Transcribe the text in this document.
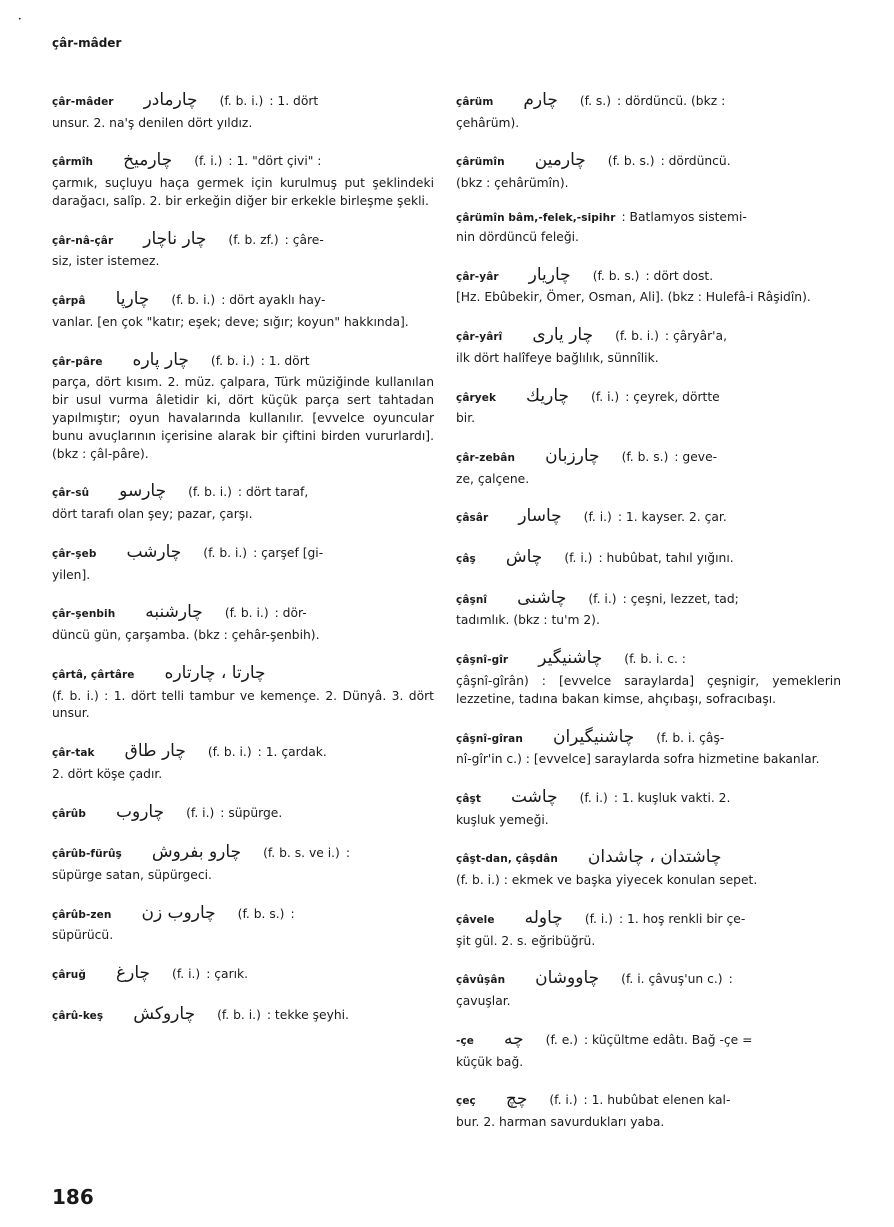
•
çâr-mâder
çâr-mâder چارمادر (f. b. i.) : 1. dört
unsur. 2. na'ş denilen dört yıldız.
çârmîh چارمیخ (f. i.) : 1. "dört çivi" :
çarmık, suçluyu haça germek için kurulmuş put şeklindeki darağacı, salîp. 2. bir erkeğin diğer bir erkekle birleşme şekli.
çâr-nâ-çâr چار ناچار (f. b. zf.) : çâre-
siz, ister istemez.
çârpâ چارپا (f. b. i.) : dört ayaklı hay-
vanlar. [en çok "katır; eşek; deve; sığır; koyun" hakkında].
çâr-pâre چار پاره (f. b. i.) : 1. dört
parça, dört kısım. 2. müz. çalpara, Türk müziğinde kullanılan bir usul vurma âletidir ki, dört küçük parça sert tahtadan yapılmıştır; oyun havalarında kullanılır. [evvelce oyuncular bunu avuçlarının içerisine alarak bir çiftini birden vururlardı]. (bkz : çâl-pâre).
çâr-sû چارسو (f. b. i.) : dört taraf,
dört tarafı olan şey; pazar, çarşı.
çâr-şeb چارشب (f. b. i.) : çarşef [gi-
yilen].
çâr-şenbih چارشنبه (f. b. i.) : dör-
düncü gün, çarşamba. (bkz : çehâr-şenbih).
çârtâ, çârtâre چارتا ، چارتاره
(f. b. i.) : 1. dört telli tambur ve kemençe. 2. Dünyâ. 3. dört unsur.
çâr-tak چار طاق (f. b. i.) : 1. çardak.
2. dört köşe çadır.
çârûb چاروب (f. i.) : süpürge.
çârûb-fürûş چارو بفروش (f. b. s. ve i.) :
süpürge satan, süpürgeci.
çârûb-zen چاروب زن (f. b. s.) :
süpürücü.
çâruğ چارغ (f. i.) : çarık.
çârû-keş چاروکش (f. b. i.) : tekke şeyhi.
çârüm چارم (f. s.) : dördüncü. (bkz :
çehârüm).
çârümîn چارمین (f. b. s.) : dördüncü.
(bkz : çehârümîn).
çârümîn bâm,-felek,-sipihr : Batlamyos sistemi-
nin dördüncü feleği.
çâr-yâr چاریار (f. b. s.) : dört dost.
[Hz. Ebûbekir, Ömer, Osman, Ali]. (bkz : Hulefâ-i Râşidîn).
çâr-yârî چار یاری (f. b. i.) : çâryâr'a,
ilk dört halîfeye bağlılık, sünnîlik.
çâryek چاریك (f. i.) : çeyrek, dörtte
bir.
çâr-zebân چارزبان (f. b. s.) : geve-
ze, çalçene.
çâsâr چاسار (f. i.) : 1. kayser. 2. çar.
çâş چاش (f. i.) : hubûbat, tahıl yığını.
çâşnî چاشنی (f. i.) : çeşni, lezzet, tad;
tadımlık. (bkz : tu'm 2).
çâşnî-gîr چاشنیگیر (f. b. i. c. :
çâşnî-gîrân) : [evvelce saraylarda] çeşnigir, yemeklerin lezzetine, tadına bakan kimse, ahçıbaşı, sofracıbaşı.
çâşnî-gîran چاشنیگیران (f. b. i. çâş-
nî-gîr'in c.) : [evvelce] saraylarda sofra hizmetine bakanlar.
çâşt چاشت (f. i.) : 1. kuşluk vakti. 2.
kuşluk yemeği.
çâşt-dan, çâşdân چاشتدان ، چاشدان
(f. b. i.) : ekmek ve başka yiyecek konulan sepet.
çâvele چاوله (f. i.) : 1. hoş renkli bir çe-
şit gül. 2. s. eğribüğrü.
çâvûşân چاووشان (f. i. çâvuş'un c.) :
çavuşlar.
-çe چه (f. e.) : küçültme edâtı. Bağ -çe =
küçük bağ.
çeç چچ (f. i.) : 1. hubûbat elenen kal-
bur. 2. harman savurdukları yaba.
186
